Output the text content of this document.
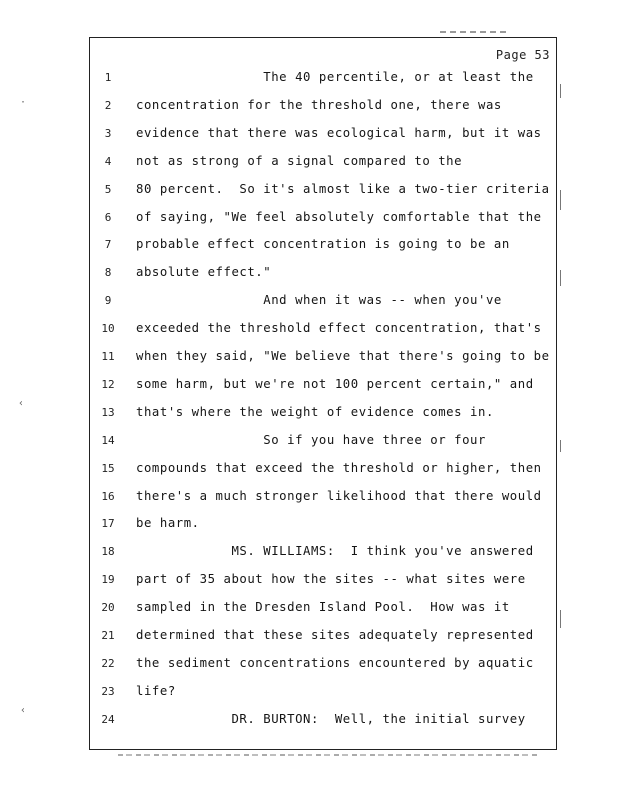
Page 53
1	The 40 percentile, or at least the
2	concentration for the threshold one, there was
3	evidence that there was ecological harm, but it was
4	not as strong of a signal compared to the
5	80 percent.  So it's almost like a two-tier criteria
6	of saying, "We feel absolutely comfortable that the
7	probable effect concentration is going to be an
8	absolute effect."
9	And when it was -- when you've
10	exceeded the threshold effect concentration, that's
11	when they said, "We believe that there's going to be
12	some harm, but we're not 100 percent certain," and
13	that's where the weight of evidence comes in.
14	So if you have three or four
15	compounds that exceed the threshold or higher, then
16	there's a much stronger likelihood that there would
17	be harm.
18	MS. WILLIAMS:  I think you've answered
19	part of 35 about how the sites -- what sites were
20	sampled in the Dresden Island Pool.  How was it
21	determined that these sites adequately represented
22	the sediment concentrations encountered by aquatic
23	life?
24	DR. BURTON:  Well, the initial survey
·
‹
‹
